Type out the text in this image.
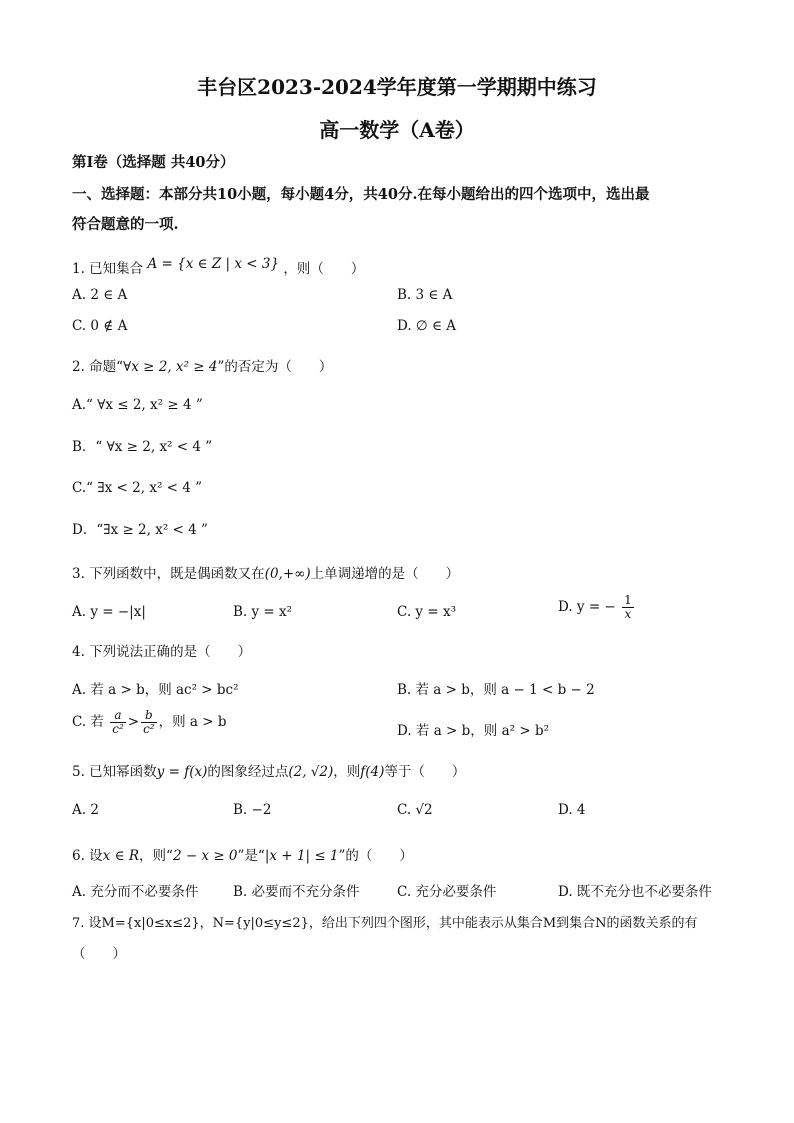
丰台区2023-2024学年度第一学期期中练习
高一数学（A卷）
第I卷（选择题 共40分）
一、选择题：本部分共10小题，每小题4分，共40分.在每小题给出的四个选项中，选出最
符合题意的一项.
1. 已知集合 A = {x ∈ Z | x < 3} ，则（　　）
A. 2 ∈ A	B. 3 ∈ A
C. 0 ∉ A	D. ∅ ∈ A
2. 命题“∀x ≥ 2, x² ≥ 4”的否定为（　　）
A.“ ∀x ≤ 2, x² ≥ 4 ”
B．“ ∀x ≥ 2, x² < 4 ”
C.“ ∃x < 2, x² < 4 ”
D．“∃x ≥ 2, x² < 4 ”
3. 下列函数中，既是偶函数又在(0,+∞)上单调递增的是（　　）
A. y = −|x|	B. y = x²	C. y = x³	D. y = − $\frac{1}{x}$
4. 下列说法正确的是（　　）
A. 若 a > b，则 ac² > bc²	B. 若 a > b，则 a − 1 < b − 2
C. 若 $\frac{a}{\text{c²}} > \frac{b}{\text{c²}}$ ，则 a > b
D. 若 a > b，则 a² > b²
5. 已知幂函数y = f(x)的图象经过点(2, √2)，则f(4)等于（　　）
A. 2	B. −2	C. √2	D. 4
6. 设x ∈ R，则“2 − x ≥ 0”是“|x + 1| ≤ 1”的（　　）
A. 充分而不必要条件	B. 必要而不充分条件	C. 充分必要条件	D. 既不充分也不必要条件
7. 设M={x|0≤x≤2}，N={y|0≤y≤2}，给出下列四个图形，其中能表示从集合M到集合N的函数关系的有
（　　）
